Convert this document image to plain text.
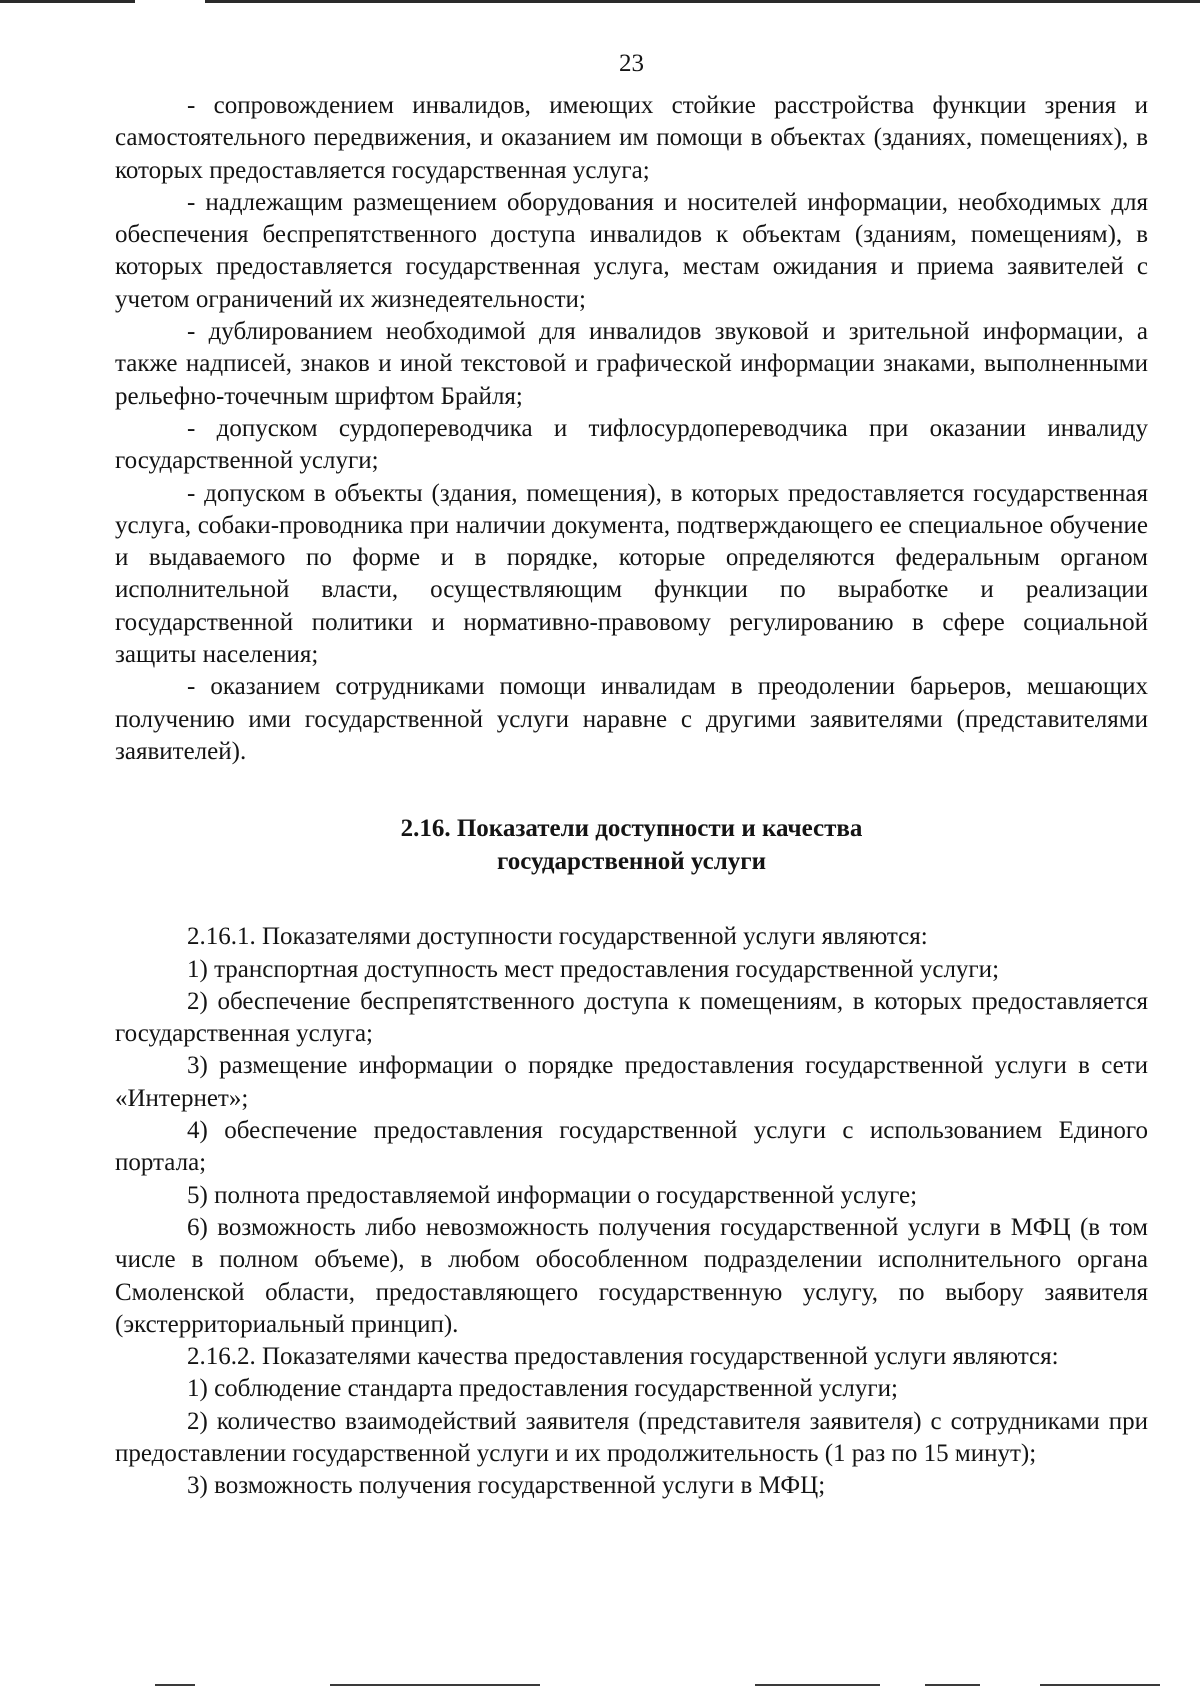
23

- сопровождением инвалидов, имеющих стойкие расстройства функции зрения и самостоятельного передвижения, и оказанием им помощи в объектах (зданиях, помещениях), в которых предоставляется государственная услуга;

- надлежащим размещением оборудования и носителей информации, необходимых для обеспечения беспрепятственного доступа инвалидов к объектам (зданиям, помещениям), в которых предоставляется государственная услуга, местам ожидания и приема заявителей с учетом ограничений их жизнедеятельности;

- дублированием необходимой для инвалидов звуковой и зрительной информации, а также надписей, знаков и иной текстовой и графической информации знаками, выполненными рельефно-точечным шрифтом Брайля;

- допуском сурдопереводчика и тифлосурдопереводчика при оказании инвалиду государственной услуги;

- допуском в объекты (здания, помещения), в которых предоставляется государственная услуга, собаки-проводника при наличии документа, подтверждающего ее специальное обучение и выдаваемого по форме и в порядке, которые определяются федеральным органом исполнительной власти, осуществляющим функции по выработке и реализации государственной политики и нормативно-правовому регулированию в сфере социальной защиты населения;

- оказанием сотрудниками помощи инвалидам в преодолении барьеров, мешающих получению ими государственной услуги наравне с другими заявителями (представителями заявителей).

2.16. Показатели доступности и качества
государственной услуги

2.16.1. Показателями доступности государственной услуги являются:

1) транспортная доступность мест предоставления государственной услуги;

2) обеспечение беспрепятственного доступа к помещениям, в которых предоставляется государственная услуга;

3) размещение информации о порядке предоставления государственной услуги в сети «Интернет»;

4) обеспечение предоставления государственной услуги с использованием Единого портала;

5) полнота предоставляемой информации о государственной услуге;

6) возможность либо невозможность получения государственной услуги в МФЦ (в том числе в полном объеме), в любом обособленном подразделении исполнительного органа Смоленской области, предоставляющего государственную услугу, по выбору заявителя (экстерриториальный принцип).

2.16.2. Показателями качества предоставления государственной услуги являются:

1) соблюдение стандарта предоставления государственной услуги;

2) количество взаимодействий заявителя (представителя заявителя) с сотрудниками при предоставлении государственной услуги и их продолжительность (1 раз по 15 минут);

3) возможность получения государственной услуги в МФЦ;
